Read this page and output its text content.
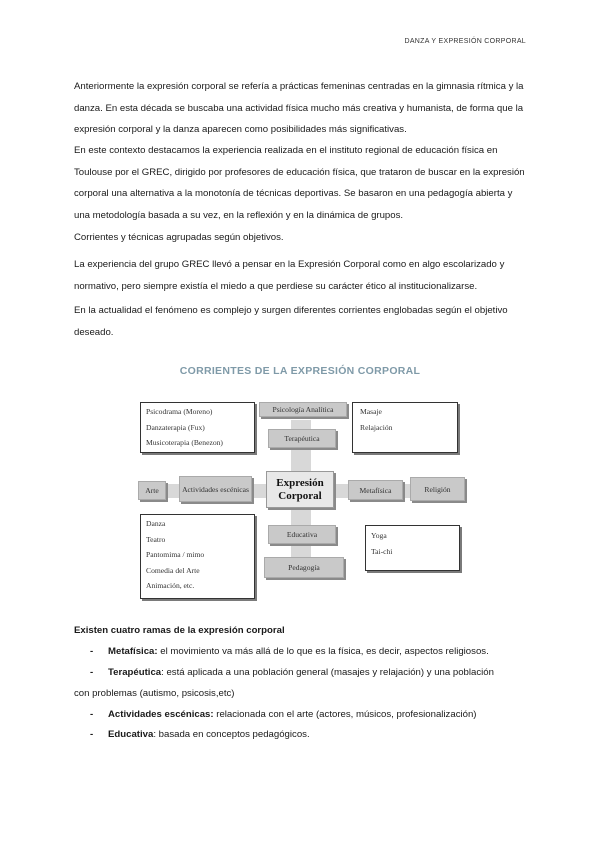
DANZA Y EXPRESIÓN CORPORAL

Anteriormente la expresión corporal se refería a prácticas femeninas centradas en la gimnasia rítmica y la danza. En esta década se buscaba una actividad física mucho más creativa y humanista, de forma que la expresión corporal y la danza aparecen como posibilidades más significativas.

En este contexto destacamos la experiencia realizada en el instituto regional de educación física en Toulouse por el GREC, dirigido por profesores de educación física, que trataron de buscar en la expresión corporal una alternativa a la monotonía de técnicas deportivas. Se basaron en una pedagogía abierta y una metodología basada a su vez, en la reflexión y en la dinámica de grupos.

Corrientes y técnicas agrupadas según objetivos.

La experiencia del grupo GREC llevó a pensar en la Expresión Corporal como en algo escolarizado y normativo, pero siempre existía el miedo a que perdiese su carácter ético al institucionalizarse.

En la actualidad el fenómeno es complejo y surgen diferentes corrientes englobadas según el objetivo deseado.

CORRIENTES DE LA EXPRESIÓN CORPORAL
Psicodrama (Moreno)
Danzaterapia (Fux)
Musicoterapia (Benezon)
Psicología Analítica
Terapéutica
Masaje
Relajación
Arte	Actividades escénicas
Expresión Corporal	Metafísica	Religión
Danza
Teatro
Pantomima / mimo
Comedia del Arte
Animación, etc.
Educativa
Pedagogía
Yoga
Tai-chi
Existen cuatro ramas de la expresión corporal
- Metafísica: el movimiento va más allá de lo que es la física, es decir, aspectos religiosos.
- Terapéutica: está aplicada a una población general (masajes y relajación) y una población
con problemas (autismo, psicosis,etc)
- Actividades escénicas: relacionada con el arte (actores, músicos, profesionalización)
- Educativa: basada en conceptos pedagógicos.
